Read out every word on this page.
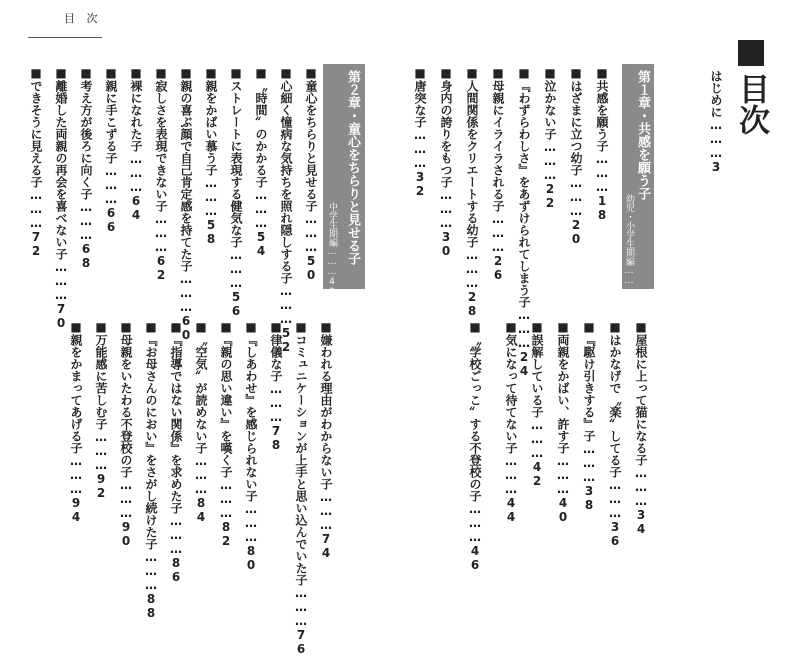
目 次
目次
はじめに………3
第１章・共感を願う子
幼児・小学生期編………17
第２章・童心をちらりと見せる子
中学生期編………49
■共感を願う子………18
■はざまに立つ幼子………20
■泣かない子………22
■『わずらわしさ』をあずけられてしまう子………24
■母親にイライラされる子………26
■人間関係をクリエートする幼子………28
■身内の誇りをもつ子………30
■唐突な子………32
■屋根に上って猫になる子………34
■はかなげで〝楽〟してる子………36
■『駆け引きする』子………38
■両親をかばい、許す子………40
■誤解している子………42
■気になって待てない子………44
■〝学校ごっこ〟する不登校の子………46
■童心をちらりと見せる子………50
■心細く憧病な気持ちを照れ隠しする子………52
■〝時間〟のかかる子………54
■ストレートに表現する健気な子………56
■親をかばい慕う子………58
■親の喜ぶ顔で自己肯定感を持てた子………60
■寂しさを表現できない子………62
■裸になれた子………64
■親に手こずる子………66
■考え方が後ろに向く子………68
■離婚した両親の再会を喜べない子………70
■できそうに見える子………72
■嫌われる理由がわからない子………74
■コミュニケーションが上手と思い込んでいた子………76
■律儀な子………78
■『しあわせ』を感じられない子………80
■『親の思い違い』を嘆く子………82
■〝空気〟が読めない子………84
■『指導ではない関係』を求めた子………86
■『お母さんのにおい』をさがし続けた子………88
■母親をいたわる不登校の子………90
■万能感に苦しむ子………92
■親をかまってあげる子………94
